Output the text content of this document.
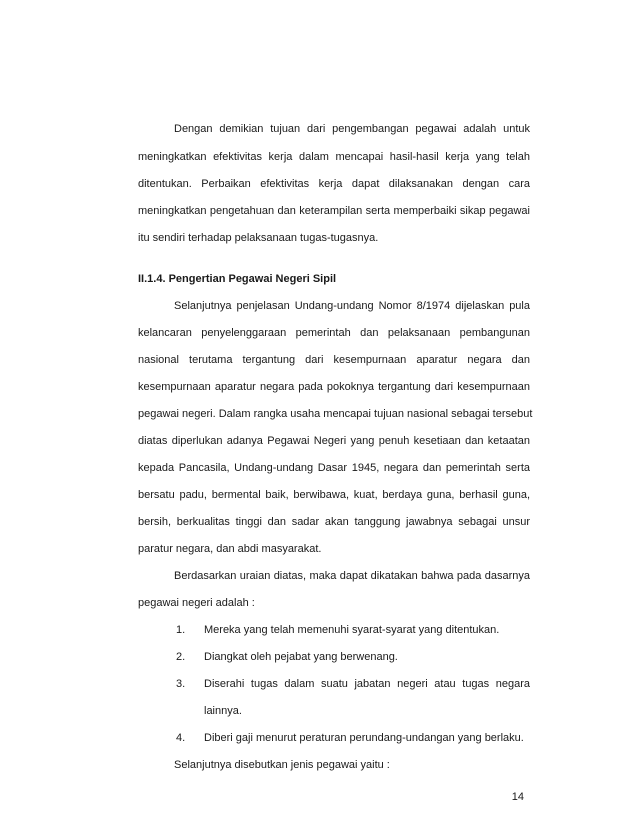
Dengan demikian tujuan dari pengembangan pegawai adalah untuk
meningkatkan efektivitas kerja dalam mencapai hasil-hasil kerja yang telah
ditentukan. Perbaikan efektivitas kerja dapat dilaksanakan dengan cara
meningkatkan pengetahuan dan keterampilan serta memperbaiki sikap pegawai
itu sendiri terhadap pelaksanaan tugas-tugasnya.
II.1.4. Pengertian Pegawai Negeri Sipil
Selanjutnya penjelasan Undang-undang Nomor 8/1974 dijelaskan pula
kelancaran penyelenggaraan pemerintah dan pelaksanaan pembangunan
nasional terutama tergantung dari kesempurnaan aparatur negara dan
kesempurnaan aparatur negara pada pokoknya tergantung dari kesempurnaan
pegawai negeri. Dalam rangka usaha mencapai tujuan nasional sebagai tersebut
diatas diperlukan adanya Pegawai Negeri yang penuh kesetiaan dan ketaatan
kepada Pancasila, Undang-undang Dasar 1945, negara dan pemerintah serta
bersatu padu, bermental baik, berwibawa, kuat, berdaya guna, berhasil guna,
bersih, berkualitas tinggi dan sadar akan tanggung jawabnya sebagai unsur
paratur negara, dan abdi masyarakat.
Berdasarkan uraian diatas, maka dapat dikatakan bahwa pada dasarnya
pegawai negeri adalah :
1.	Mereka yang telah memenuhi syarat-syarat yang ditentukan.
2.	Diangkat oleh pejabat yang berwenang.
3.	Diserahi tugas dalam suatu jabatan negeri atau tugas negara
lainnya.
4.	Diberi gaji menurut peraturan perundang-undangan yang berlaku.
Selanjutnya disebutkan jenis pegawai yaitu :
14
